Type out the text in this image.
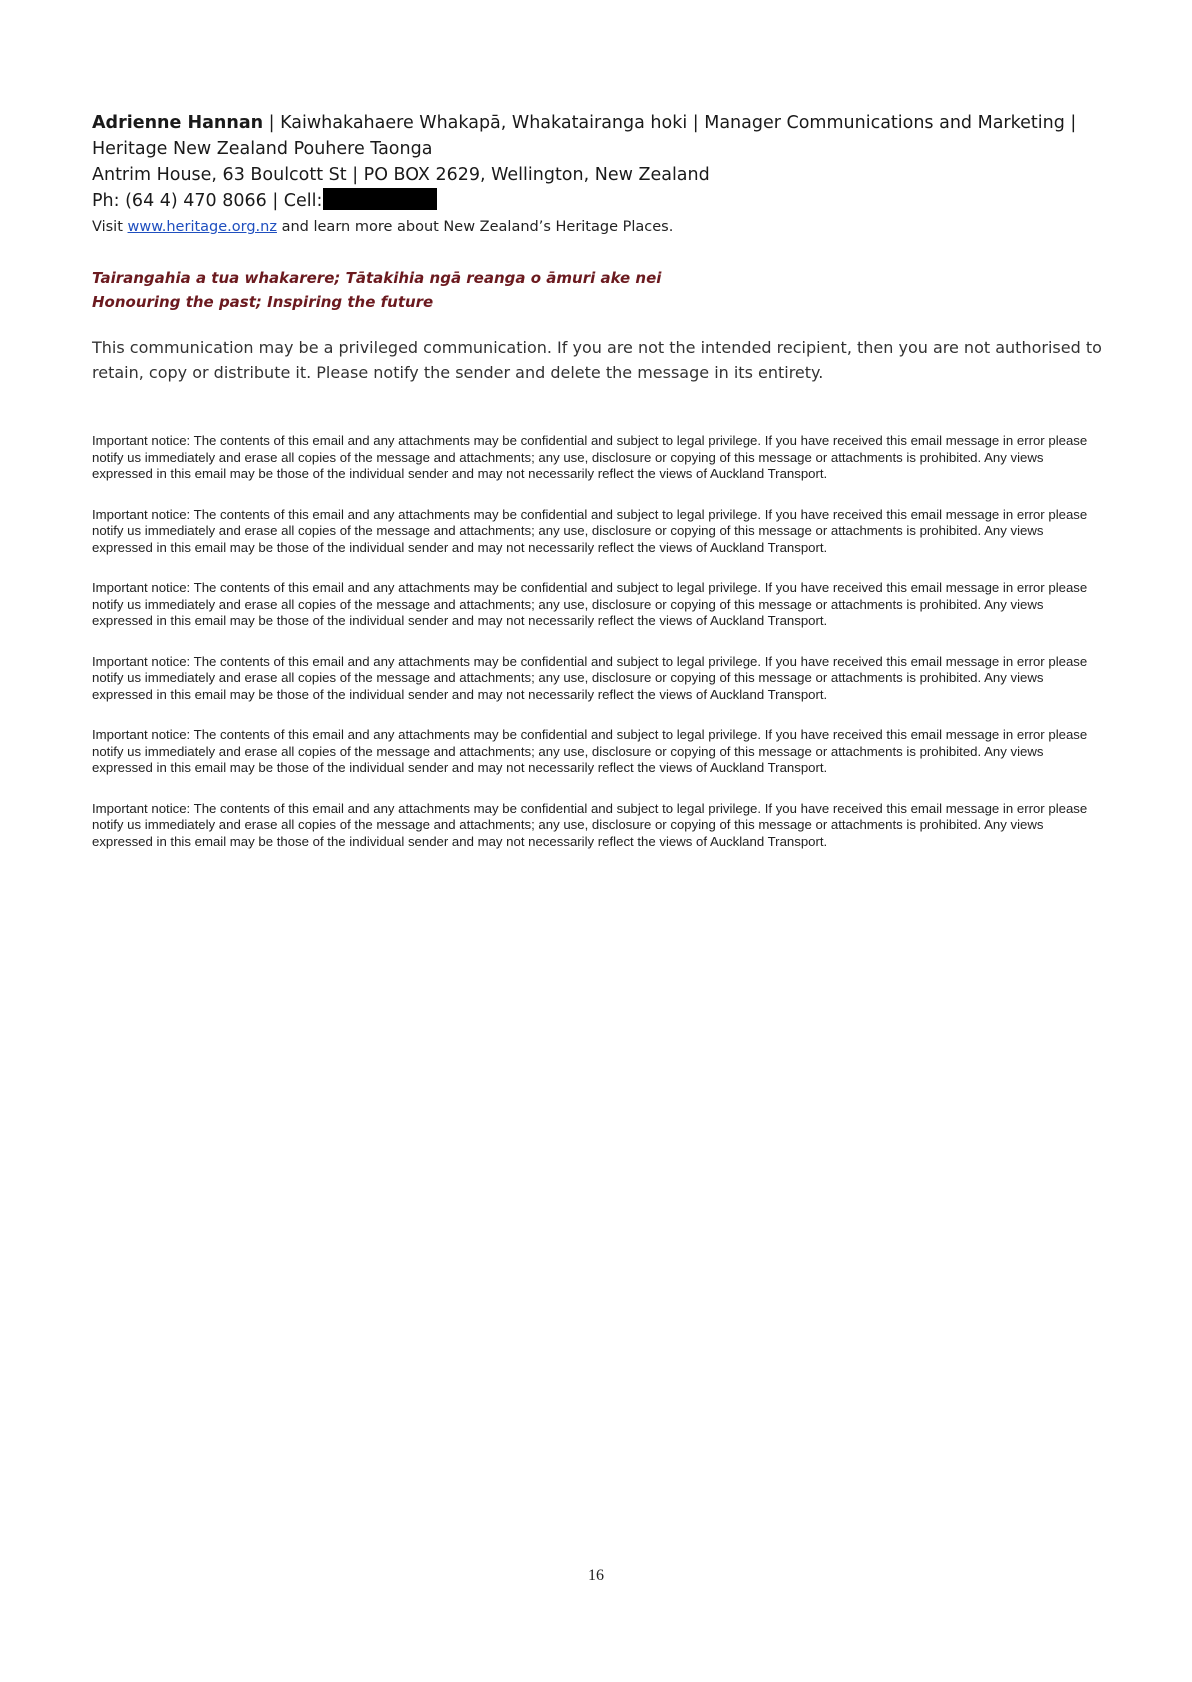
Adrienne Hannan | Kaiwhakahaere Whakapā, Whakatairanga hoki | Manager Communications and Marketing |
Heritage New Zealand Pouhere Taonga
Antrim House, 63 Boulcott St | PO BOX 2629, Wellington, New Zealand
Ph: (64 4) 470 8066 | Cell:
Visit www.heritage.org.nz and learn more about New Zealand’s Heritage Places.
Tairangahia a tua whakarere; Tātakihia ngā reanga o āmuri ake nei
Honouring the past; Inspiring the future
This communication may be a privileged communication. If you are not the intended recipient, then you are not authorised to retain, copy or distribute it. Please notify the sender and delete the message in its entirety.

Important notice: The contents of this email and any attachments may be confidential and subject to legal privilege. If you have received this email message in error please notify us immediately and erase all copies of the message and attachments; any use, disclosure or copying of this message or attachments is prohibited. Any views expressed in this email may be those of the individual sender and may not necessarily reflect the views of Auckland Transport.

Important notice: The contents of this email and any attachments may be confidential and subject to legal privilege. If you have received this email message in error please notify us immediately and erase all copies of the message and attachments; any use, disclosure or copying of this message or attachments is prohibited. Any views expressed in this email may be those of the individual sender and may not necessarily reflect the views of Auckland Transport.

Important notice: The contents of this email and any attachments may be confidential and subject to legal privilege. If you have received this email message in error please notify us immediately and erase all copies of the message and attachments; any use, disclosure or copying of this message or attachments is prohibited. Any views expressed in this email may be those of the individual sender and may not necessarily reflect the views of Auckland Transport.

Important notice: The contents of this email and any attachments may be confidential and subject to legal privilege. If you have received this email message in error please notify us immediately and erase all copies of the message and attachments; any use, disclosure or copying of this message or attachments is prohibited. Any views expressed in this email may be those of the individual sender and may not necessarily reflect the views of Auckland Transport.

Important notice: The contents of this email and any attachments may be confidential and subject to legal privilege. If you have received this email message in error please notify us immediately and erase all copies of the message and attachments; any use, disclosure or copying of this message or attachments is prohibited. Any views expressed in this email may be those of the individual sender and may not necessarily reflect the views of Auckland Transport.

Important notice: The contents of this email and any attachments may be confidential and subject to legal privilege. If you have received this email message in error please notify us immediately and erase all copies of the message and attachments; any use, disclosure or copying of this message or attachments is prohibited. Any views expressed in this email may be those of the individual sender and may not necessarily reflect the views of Auckland Transport.

16
